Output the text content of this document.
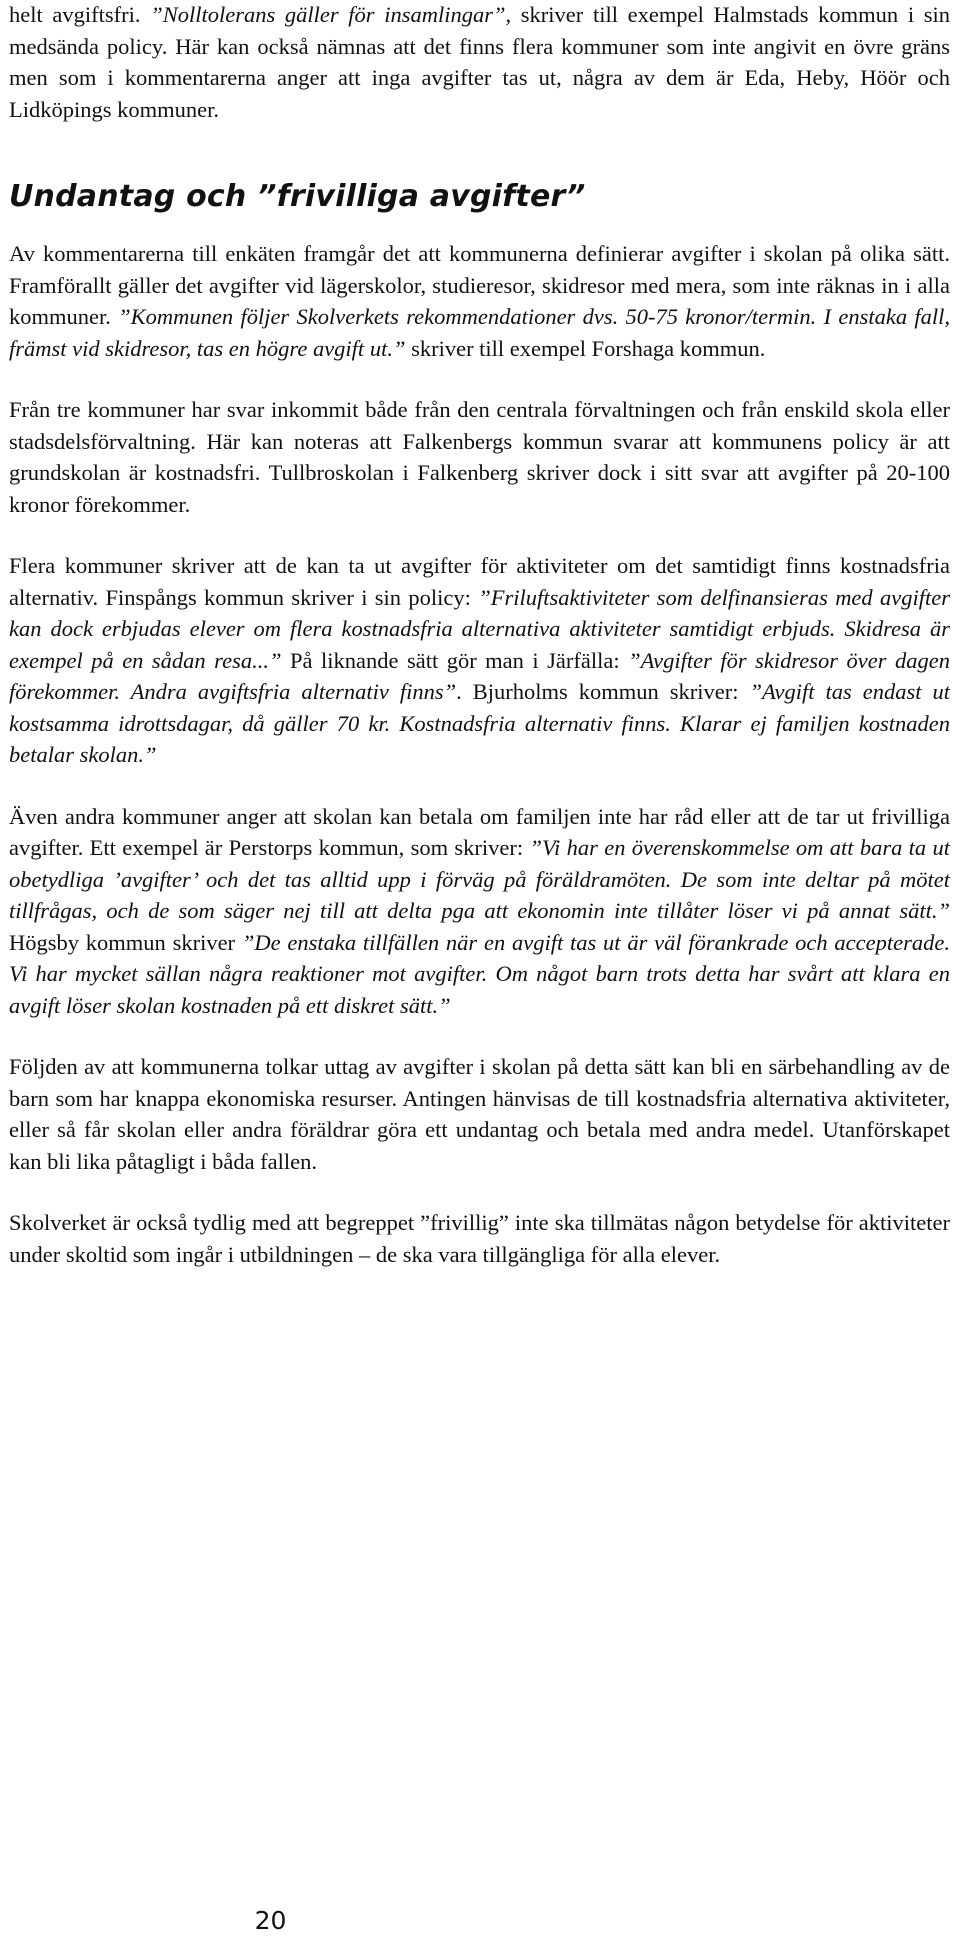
helt avgiftsfri. ”Nolltolerans gäller för insamlingar”, skriver till exempel Halmstads kommun i sin medsända policy. Här kan också nämnas att det finns flera kommuner som inte angivit en övre gräns men som i kommentarerna anger att inga avgifter tas ut, några av dem är Eda, Heby, Höör och Lidköpings kommuner.

Undantag och ”frivilliga avgifter”

Av kommentarerna till enkäten framgår det att kommunerna definierar avgifter i skolan på olika sätt. Framförallt gäller det avgifter vid lägerskolor, studieresor, skidresor med mera, som inte räknas in i alla kommuner. ”Kommunen följer Skolverkets rekommendationer dvs. 50-75 kronor/termin. I enstaka fall, främst vid skidresor, tas en högre avgift ut.” skriver till exempel Forshaga kommun.

Från tre kommuner har svar inkommit både från den centrala förvaltningen och från enskild skola eller stadsdelsförvaltning. Här kan noteras att Falkenbergs kommun svarar att kommunens policy är att grundskolan är kostnadsfri. Tullbroskolan i Falkenberg skriver dock i sitt svar att avgifter på 20-100 kronor förekommer.

Flera kommuner skriver att de kan ta ut avgifter för aktiviteter om det samtidigt finns kostnadsfria alternativ. Finspångs kommun skriver i sin policy: ”Friluftsaktiviteter som delfinansieras med avgifter kan dock erbjudas elever om flera kostnadsfria alternativa aktiviteter samtidigt erbjuds. Skidresa är exempel på en sådan resa...” På liknande sätt gör man i Järfälla: ”Avgifter för skidresor över dagen förekommer. Andra avgiftsfria alternativ finns”. Bjurholms kommun skriver: ”Avgift tas endast ut kostsamma idrottsdagar, då gäller 70 kr. Kostnadsfria alternativ finns. Klarar ej familjen kostnaden betalar skolan.”

Även andra kommuner anger att skolan kan betala om familjen inte har råd eller att de tar ut frivilliga avgifter. Ett exempel är Perstorps kommun, som skriver: ”Vi har en överenskommelse om att bara ta ut obetydliga ’avgifter’ och det tas alltid upp i förväg på föräldramöten. De som inte deltar på mötet tillfrågas, och de som säger nej till att delta pga att ekonomin inte tillåter löser vi på annat sätt.” Högsby kommun skriver ”De enstaka tillfällen när en avgift tas ut är väl förankrade och accepterade. Vi har mycket sällan några reaktioner mot avgifter. Om något barn trots detta har svårt att klara en avgift löser skolan kostnaden på ett diskret sätt.”

Följden av att kommunerna tolkar uttag av avgifter i skolan på detta sätt kan bli en särbehandling av de barn som har knappa ekonomiska resurser. Antingen hänvisas de till kostnadsfria alternativa aktiviteter, eller så får skolan eller andra föräldrar göra ett undantag och betala med andra medel. Utanförskapet kan bli lika påtagligt i båda fallen.

Skolverket är också tydlig med att begreppet ”frivillig” inte ska tillmätas någon betydelse för aktiviteter under skoltid som ingår i utbildningen – de ska vara tillgängliga för alla elever.

20
